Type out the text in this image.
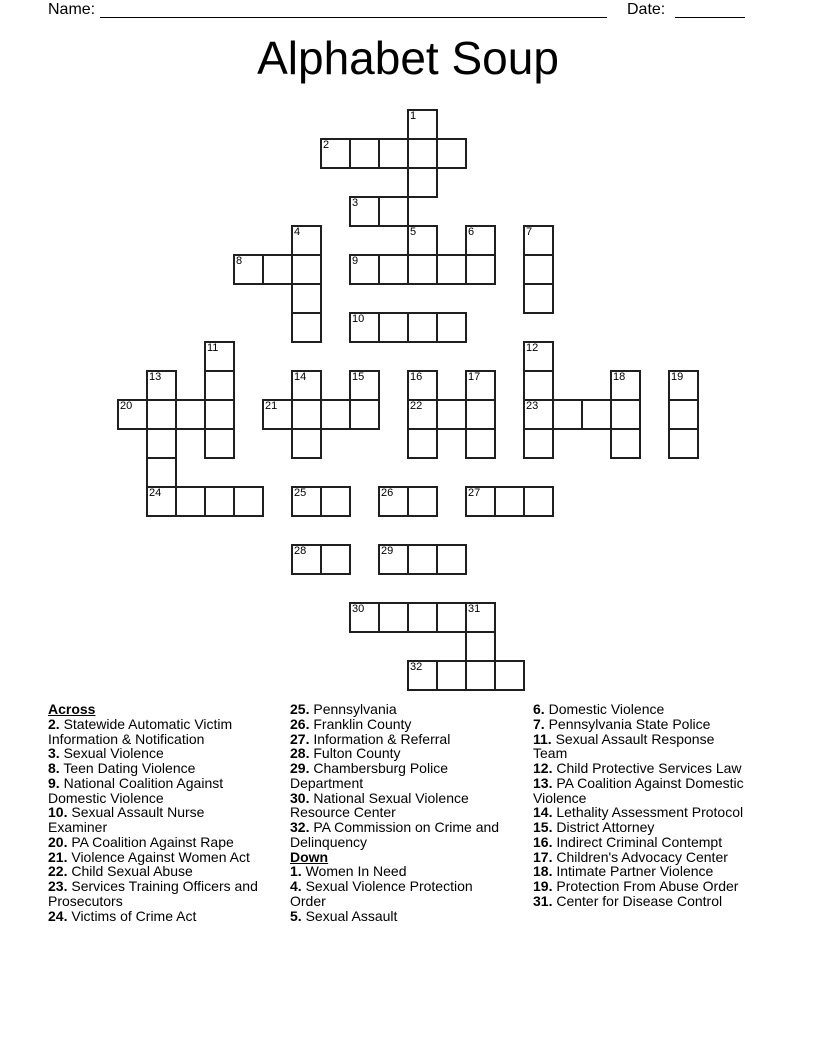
Name:	Date:
Alphabet Soup
1
2
3
4	5	6	7
8	9
10
11	12
13	14	15	16	17	18	19
20	21	22	23
24	25	26	27
28	29
30	31
32
Across
2. Statewide Automatic Victim Information & Notification
3. Sexual Violence
8. Teen Dating Violence
9. National Coalition Against Domestic Violence
10. Sexual Assault Nurse Examiner
20. PA Coalition Against Rape
21. Violence Against Women Act
22. Child Sexual Abuse
23. Services Training Officers and Prosecutors
24. Victims of Crime Act
25. Pennsylvania
26. Franklin County
27. Information & Referral
28. Fulton County
29. Chambersburg Police Department
30. National Sexual Violence Resource Center
32. PA Commission on Crime and Delinquency
Down
1. Women In Need
4. Sexual Violence Protection Order
5. Sexual Assault
6. Domestic Violence
7. Pennsylvania State Police
11. Sexual Assault Response Team
12. Child Protective Services Law
13. PA Coalition Against Domestic Violence
14. Lethality Assessment Protocol
15. District Attorney
16. Indirect Criminal Contempt
17. Children's Advocacy Center
18. Intimate Partner Violence
19. Protection From Abuse Order
31. Center for Disease Control
